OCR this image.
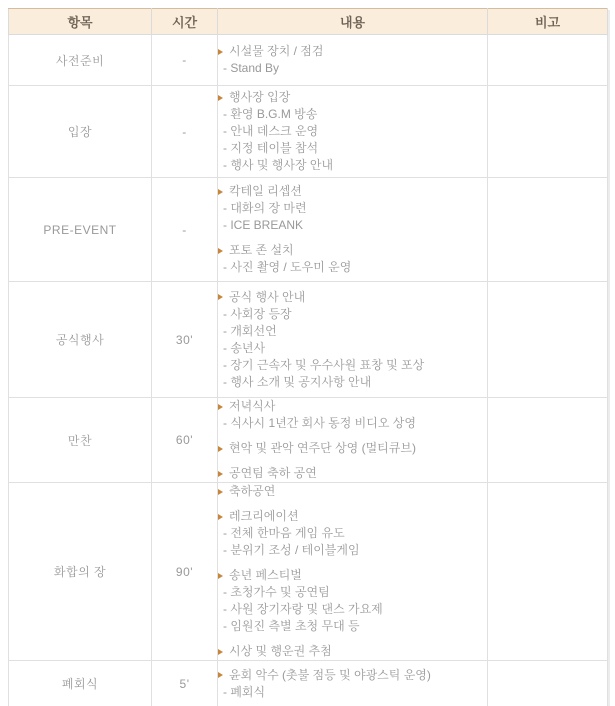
항목	시간	내용	비고
사전준비	-	시설물 장치 / 점검
- Stand By	

입장	-	행사장 입장
- 환영 B.G.M 방송
- 안내 데스크 운영
- 지정 테이블 참석
- 행사 및 행사장 안내	

PRE-EVENT	-	칵테일 리셉션
- 대화의 장 마련
- ICE BREANK
포토 존 설치
- 사진 촬영 / 도우미 운영	

공식행사	30'	
공식 행사 안내
- 사회장 등장
- 개회선언
- 송년사
- 장기 근속자 및 우수사원 표창 및 포상
- 행사 소개 및 공지사항 안내

만찬	60'	저녁식사
- 식사시 1년간 회사 동정 비디오 상영
현악 및 관악 연주단 상영 (멀티큐브)
공연팀 축하 공연	

화합의 장	90'	
축하공연
레크리에이션
- 전체 한마음 게임 유도
- 분위기 조성 / 테이블게임
송년 페스티벌
- 초청가수 및 공연팀
- 사원 장기자랑 및 댄스 가요제
- 임원진 측별 초청 무대 등
시상 및 행운권 추첨

폐회식	5'	윤회 악수 (촛불 점등 및 야광스틱 운영)
- 폐회식	
